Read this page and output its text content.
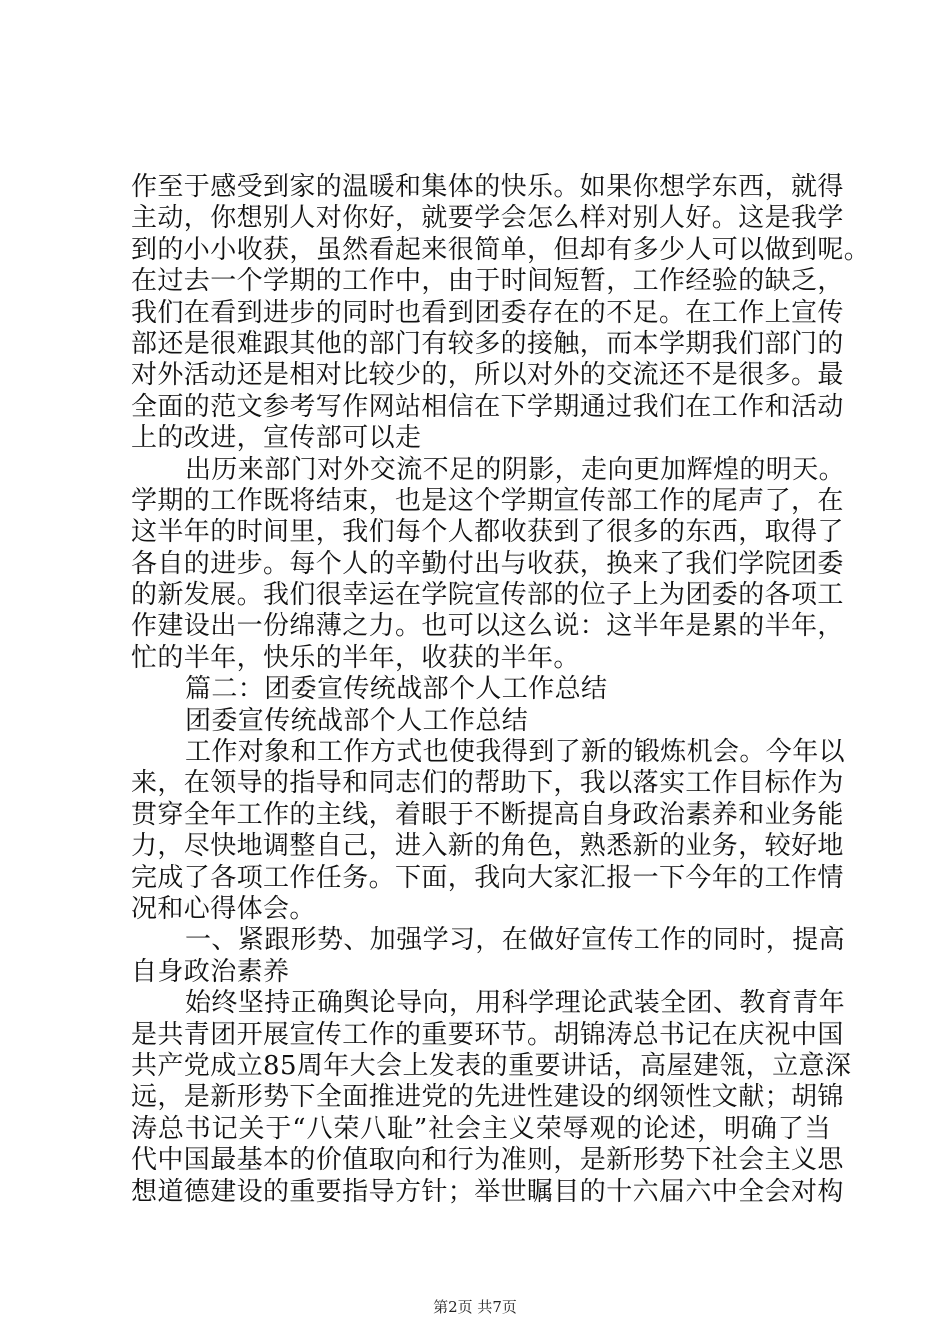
作至于感受到家的温暖和集体的快乐。如果你想学东西，就得
主动，你想别人对你好，就要学会怎么样对别人好。这是我学
到的小小收获，虽然看起来很简单，但却有多少人可以做到呢。
在过去一个学期的工作中，由于时间短暂，工作经验的缺乏，
我们在看到进步的同时也看到团委存在的不足。在工作上宣传
部还是很难跟其他的部门有较多的接触，而本学期我们部门的
对外活动还是相对比较少的，所以对外的交流还不是很多。最
全面的范文参考写作网站相信在下学期通过我们在工作和活动
上的改进，宣传部可以走
出历来部门对外交流不足的阴影，走向更加辉煌的明天。
学期的工作既将结束，也是这个学期宣传部工作的尾声了，在
这半年的时间里，我们每个人都收获到了很多的东西，取得了
各自的进步。每个人的辛勤付出与收获，换来了我们学院团委
的新发展。我们很幸运在学院宣传部的位子上为团委的各项工
作建设出一份绵薄之力。也可以这么说：这半年是累的半年，
忙的半年，快乐的半年，收获的半年。
篇二：团委宣传统战部个人工作总结
团委宣传统战部个人工作总结
工作对象和工作方式也使我得到了新的锻炼机会。今年以
来，在领导的指导和同志们的帮助下，我以落实工作目标作为
贯穿全年工作的主线，着眼于不断提高自身政治素养和业务能
力，尽快地调整自己，进入新的角色，熟悉新的业务，较好地
完成了各项工作任务。下面，我向大家汇报一下今年的工作情
况和心得体会。
一、紧跟形势、加强学习，在做好宣传工作的同时，提高
自身政治素养
始终坚持正确舆论导向，用科学理论武装全团、教育青年
是共青团开展宣传工作的重要环节。胡锦涛总书记在庆祝中国
共产党成立85周年大会上发表的重要讲话，高屋建瓴，立意深
远，是新形势下全面推进党的先进性建设的纲领性文献；胡锦
涛总书记关于“八荣八耻”社会主义荣辱观的论述，明确了当
代中国最基本的价值取向和行为准则，是新形势下社会主义思
想道德建设的重要指导方针；举世瞩目的十六届六中全会对构
第2页 共7页
